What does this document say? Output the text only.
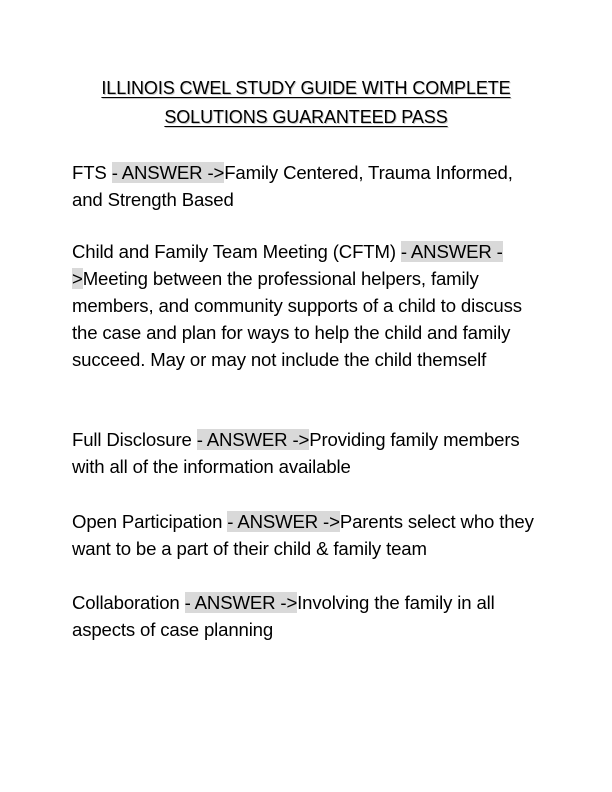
ILLINOIS CWEL STUDY GUIDE WITH COMPLETE
SOLUTIONS GUARANTEED PASS

FTS - ANSWER ->Family Centered, Trauma Informed, and Strength Based

Child and Family Team Meeting (CFTM) - ANSWER ->Meeting between the professional helpers, family members, and community supports of a child to discuss the case and plan for ways to help the child and family succeed. May or may not include the child themself

Full Disclosure - ANSWER ->Providing family members with all of the information available

Open Participation - ANSWER ->Parents select who they want to be a part of their child & family team

Collaboration - ANSWER ->Involving the family in all aspects of case planning
